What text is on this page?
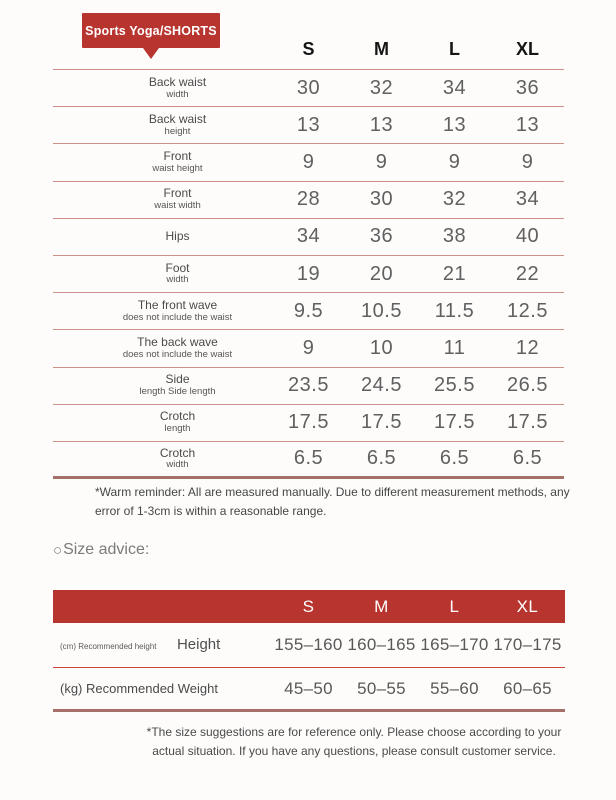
Sports Yoga/SHORTS
S	M	L	XL
Back waist
width	30	32	34	36
Back waist
height	13	13	13	13
Front
waist height	9	9	9	9
Front
waist width	28	30	32	34
Hips	34	36	38	40
Foot
width	19	20	21	22
The front wave
does not include the waist	9.5	10.5	11.5	12.5
The back wave
does not include the waist	9	10	11	12
Side
length Side length	23.5	24.5	25.5	26.5
Crotch
length	17.5	17.5	17.5	17.5
Crotch
width	6.5	6.5	6.5	6.5
*Warm reminder: All are measured manually. Due to different measurement methods, any error of 1-3cm is within a reasonable range.
○ Size advice:
S	M	L	XL
(cm) Recommended height Height	155–160 160–165 165–170 170–175
(kg) Recommended Weight	45–50	50–55	55–60	60–65
*The size suggestions are for reference only. Please choose according to your actual situation. If you have any questions, please consult customer service.
